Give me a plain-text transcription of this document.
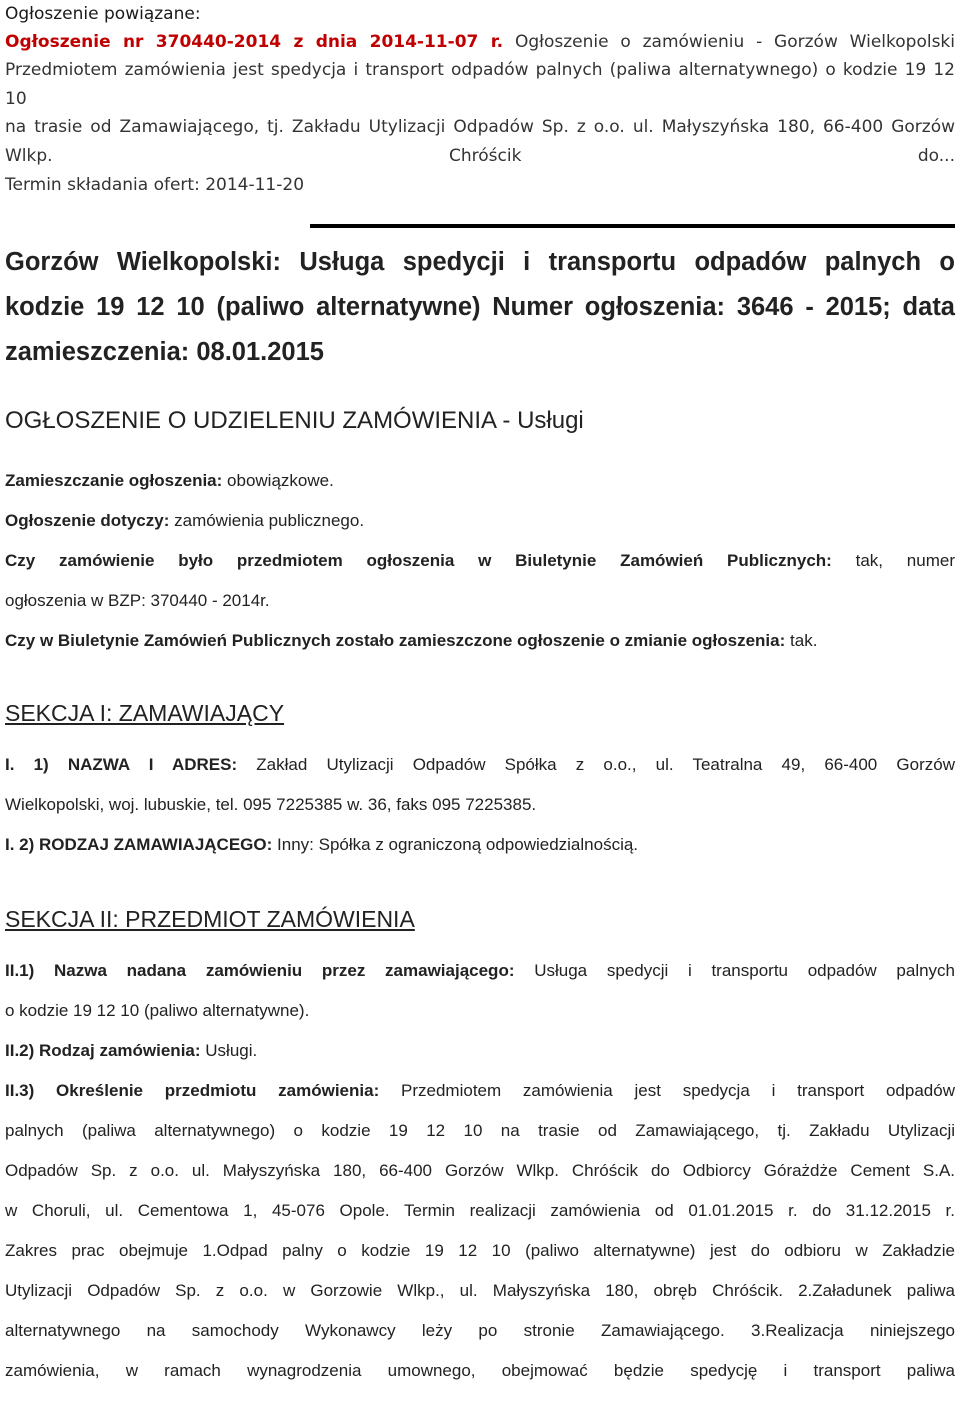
Ogłoszenie powiązane:
Ogłoszenie nr 370440-2014 z dnia 2014-11-07 r. Ogłoszenie o zamówieniu - Gorzów Wielkopolski
Przedmiotem zamówienia jest spedycja i transport odpadów palnych (paliwa alternatywnego) o kodzie 19 12 10
na trasie od Zamawiającego, tj. Zakładu Utylizacji Odpadów Sp. z o.o. ul. Małyszyńska 180, 66-400 Gorzów
Wlkp. Chróścik do...
Termin składania ofert: 2014-11-20
Gorzów Wielkopolski: Usługa spedycji i transportu odpadów palnych o
kodzie 19 12 10 (paliwo alternatywne) Numer ogłoszenia: 3646 - 2015; data
zamieszczenia: 08.01.2015
OGŁOSZENIE O UDZIELENIU ZAMÓWIENIA - Usługi
Zamieszczanie ogłoszenia: obowiązkowe.
Ogłoszenie dotyczy: zamówienia publicznego.
Czy zamówienie było przedmiotem ogłoszenia w Biuletynie Zamówień Publicznych: tak, numer
ogłoszenia w BZP: 370440 - 2014r.
Czy w Biuletynie Zamówień Publicznych zostało zamieszczone ogłoszenie o zmianie ogłoszenia: tak.
SEKCJA I: ZAMAWIAJĄCY
I. 1) NAZWA I ADRES: Zakład Utylizacji Odpadów Spółka z o.o., ul. Teatralna 49, 66-400 Gorzów
Wielkopolski, woj. lubuskie, tel. 095 7225385 w. 36, faks 095 7225385.
I. 2) RODZAJ ZAMAWIAJĄCEGO: Inny: Spółka z ograniczoną odpowiedzialnością.
SEKCJA II: PRZEDMIOT ZAMÓWIENIA
II.1) Nazwa nadana zamówieniu przez zamawiającego: Usługa spedycji i transportu odpadów palnych
o kodzie 19 12 10 (paliwo alternatywne).
II.2) Rodzaj zamówienia: Usługi.
II.3) Określenie przedmiotu zamówienia: Przedmiotem zamówienia jest spedycja i transport odpadów
palnych (paliwa alternatywnego) o kodzie 19 12 10 na trasie od Zamawiającego, tj. Zakładu Utylizacji
Odpadów Sp. z o.o. ul. Małyszyńska 180, 66-400 Gorzów Wlkp. Chróścik do Odbiorcy Górażdże Cement S.A.
w Choruli, ul. Cementowa 1, 45-076 Opole. Termin realizacji zamówienia od 01.01.2015 r. do 31.12.2015 r.
Zakres prac obejmuje 1.Odpad palny o kodzie 19 12 10 (paliwo alternatywne) jest do odbioru w Zakładzie
Utylizacji Odpadów Sp. z o.o. w Gorzowie Wlkp., ul. Małyszyńska 180, obręb Chróścik. 2.Załadunek paliwa
alternatywnego na samochody Wykonawcy leży po stronie Zamawiającego. 3.Realizacja niniejszego
zamówienia, w ramach wynagrodzenia umownego, obejmować będzie spedycję i transport paliwa
